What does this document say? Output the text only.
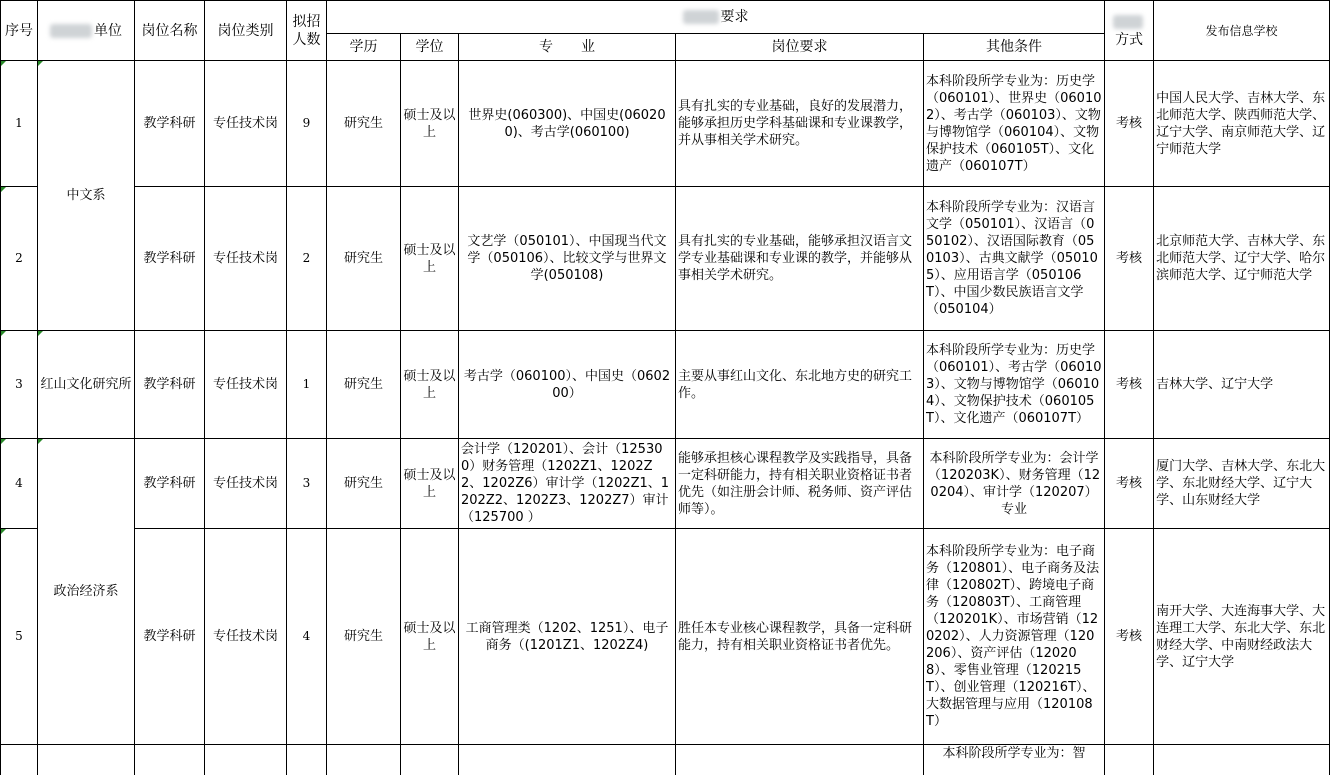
序号	单位	岗位名称	岗位类别	拟招人数	要求					方式	发布信息学校
					学历	学位	专　　业	岗位要求	其他条件		

1	中文系	教学科研	专任技术岗	9	研究生	硕士及以上	世界史(060300)、中国史(060200)、考古学(060100)	具有扎实的专业基础，良好的发展潜力，能够承担历史学科基础课和专业课教学，并从事相关学术研究。	本科阶段所学专业为：历史学（060101）、世界史（060102）、考古学（060103）、文物与博物馆学（060104）、文物保护技术（060105T）、文化遗产（060107T）	考核	中国人民大学、吉林大学、东北师范大学、陕西师范大学、辽宁大学、南京师范大学、辽宁师范大学

2		教学科研	专任技术岗	2	研究生	硕士及以上	文艺学（050101）、中国现当代文学（050106）、比较文学与世界文学(050108)	具有扎实的专业基础，能够承担汉语言文学专业基础课和专业课的教学，并能够从事相关学术研究。	本科阶段所学专业为：汉语言文学（050101）、汉语言（050102）、汉语国际教育（050103）、古典文献学（050105）、应用语言学（050106T）、中国少数民族语言文学（050104）	考核	北京师范大学、吉林大学、东北师范大学、辽宁大学、哈尔滨师范大学、辽宁师范大学

3	红山文化研究所	教学科研	专任技术岗	1	研究生	硕士及以上	考古学（060100）、中国史（060200）	主要从事红山文化、东北地方史的研究工作。	本科阶段所学专业为：历史学（060101）、考古学（060103）、文物与博物馆学（060104）、文物保护技术（060105T）、文化遗产（060107T）	考核	吉林大学、辽宁大学

4	政治经济系	教学科研	专任技术岗	3	研究生	硕士及以上	会计学（120201）、会计（125300）财务管理（1202Z1、1202Z2、1202Z6）审计学（1202Z1、1202Z2、1202Z3、1202Z7）审计（125700 ）	能够承担核心课程教学及实践指导，具备一定科研能力，持有相关职业资格证书者优先（如注册会计师、税务师、资产评估师等）。	本科阶段所学专业为：会计学（120203K）、财务管理（120204）、审计学（120207）专业	考核	厦门大学、吉林大学、东北大学、东北财经大学、辽宁大学、山东财经大学

5		教学科研	专任技术岗	4	研究生	硕士及以上	工商管理类（1202、1251）、电子商务（(1201Z1、1202Z4)	胜任本专业核心课程教学，具备一定科研能力，持有相关职业资格证书者优先。	本科阶段所学专业为：电子商务（120801）、电子商务及法律（120802T）、跨境电子商务（120803T）、工商管理（120201K）、市场营销（120202）、人力资源管理（120206）、资产评估（120208）、零售业管理（120215T）、创业管理（120216T）、大数据管理与应用（120108T）	考核	南开大学、大连海事大学、大连理工大学、东北大学、东北财经大学、中南财经政法大学、辽宁大学
									本科阶段所学专业为：智		
